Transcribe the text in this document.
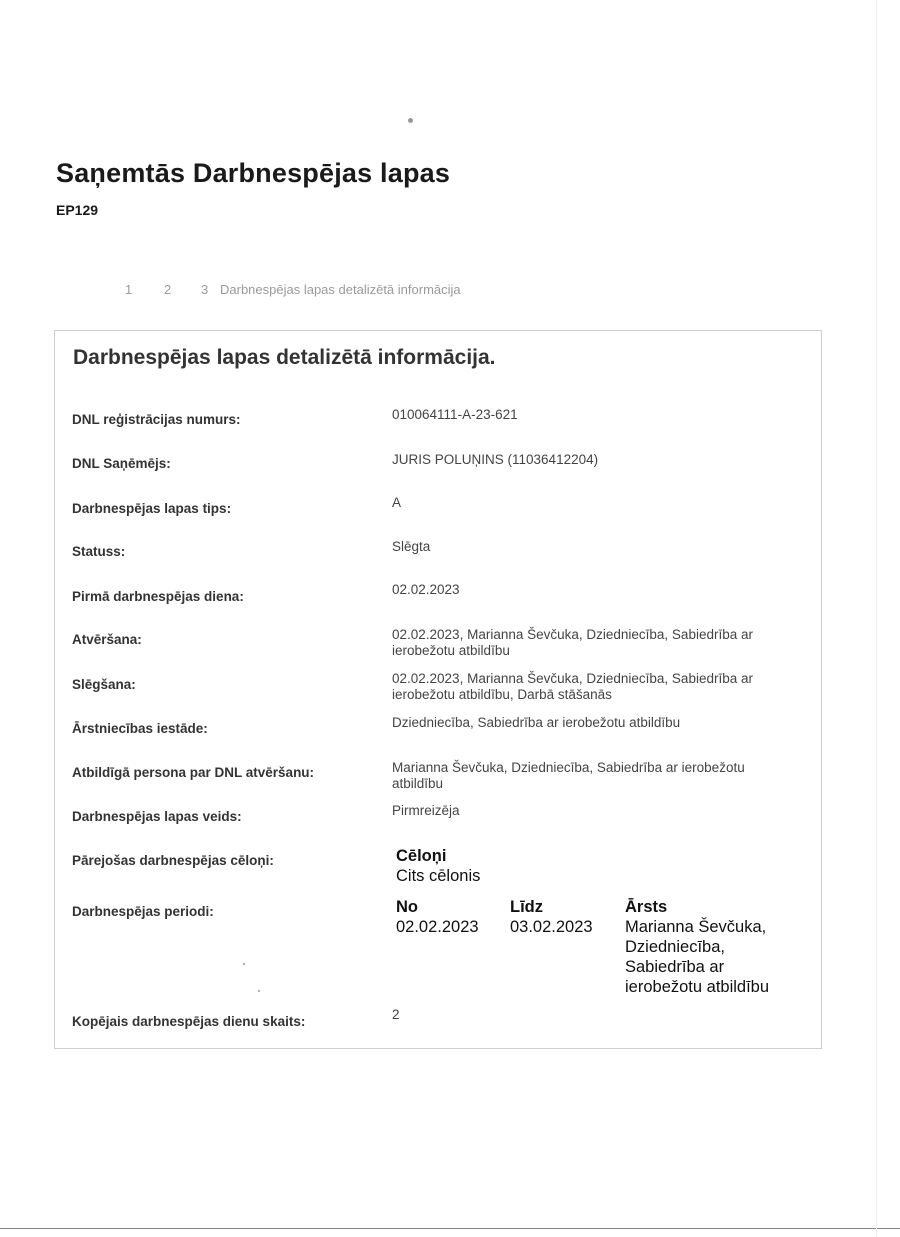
Saņemtās Darbnespējas lapas
EP129
1	2	3 Darbnespējas lapas detalizētā informācija
Darbnespējas lapas detalizētā informācija.
DNL reģistrācijas numurs:	010064111-A-23-621
DNL Saņēmējs:	JURIS POLUŅINS (11036412204)
Darbnespējas lapas tips:	A
Statuss:	Slēgta
Pirmā darbnespējas diena:	02.02.2023
Atvēršana:	02.02.2023, Marianna Ševčuka, Dziedniecība, Sabiedrība ar ierobežotu atbildību
Slēgšana:	02.02.2023, Marianna Ševčuka, Dziedniecība, Sabiedrība ar ierobežotu atbildību, Darbā stāšanās
Ārstniecības iestāde:	Dziedniecība, Sabiedrība ar ierobežotu atbildību
Atbildīgā persona par DNL atvēršanu:	Marianna Ševčuka, Dziedniecība, Sabiedrība ar ierobežotu atbildību
Darbnespējas lapas veids:	Pirmreizēja
Pārejošas darbnespējas cēloņi:	Cēloņi
Cits cēlonis
Darbnespējas periodi:	No	Līdz	Ārsts
02.02.2023 03.02.2023 Marianna Ševčuka, Dziedniecība, Sabiedrība ar ierobežotu atbildību
Kopējais darbnespējas dienu skaits:	2
